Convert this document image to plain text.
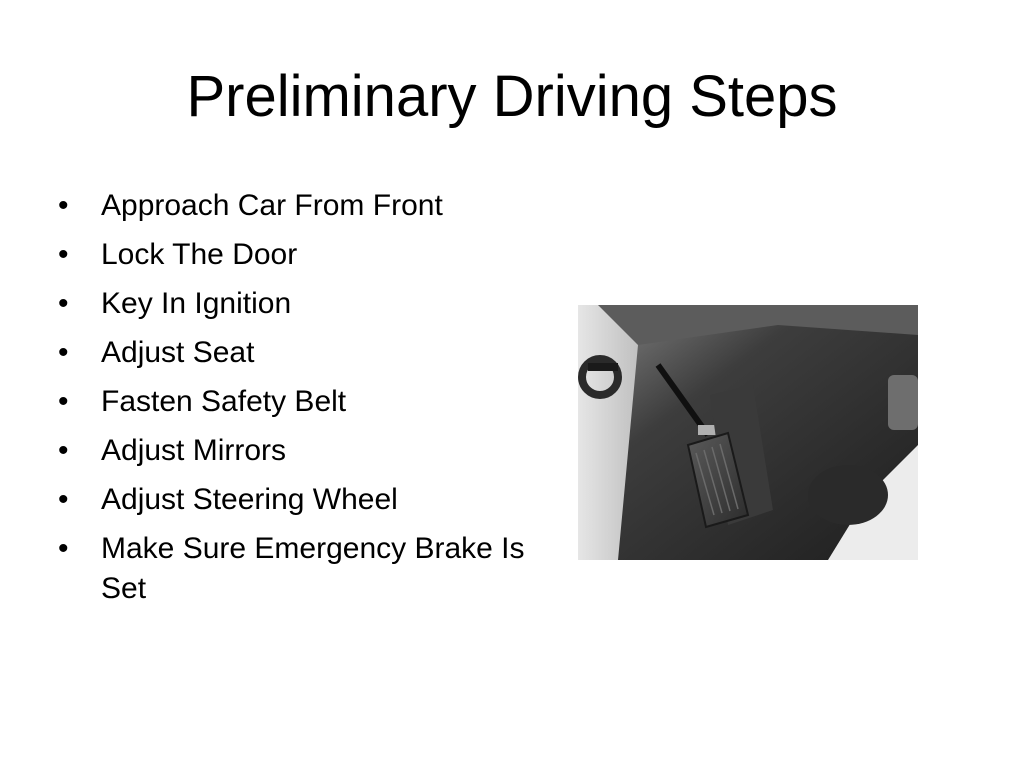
Preliminary Driving Steps
•	Approach Car From Front
•	Lock The Door
•	Key In Ignition
•	Adjust Seat
•	Fasten Safety Belt
•	Adjust Mirrors
•	Adjust Steering Wheel
•	Make Sure Emergency Brake Is Set
